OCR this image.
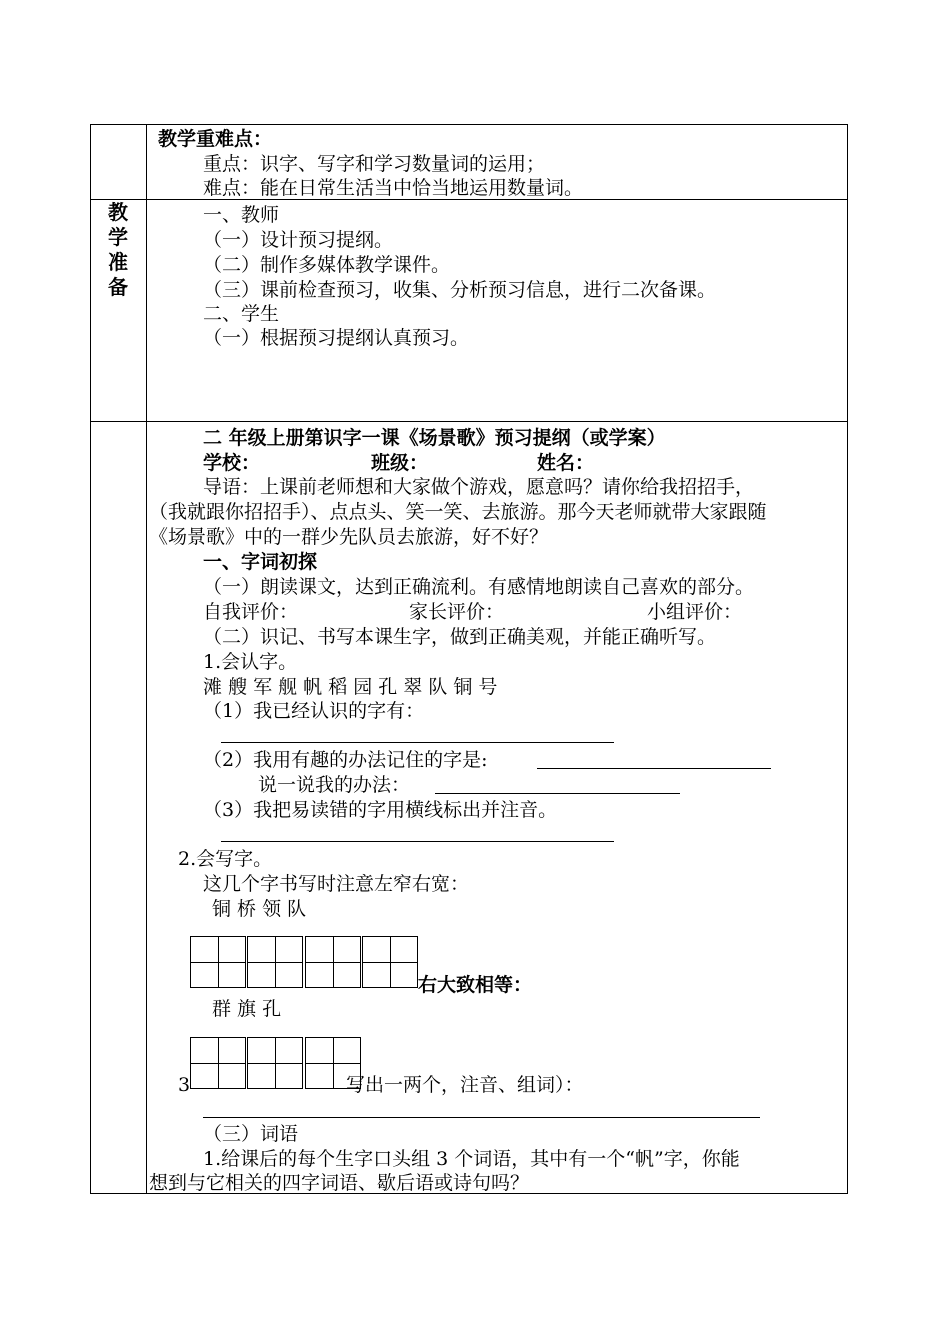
教学重难点：
重点：识字、写字和学习数量词的运用；
难点：能在日常生活当中恰当地运用数量词。
教
学
准
备
一、教师
（一）设计预习提纲。
（二）制作多媒体教学课件。
（三）课前检查预习，收集、分析预习信息，进行二次备课。
二、学生
（一）根据预习提纲认真预习。
二 年级上册第识字一课《场景歌》预习提纲（或学案）
学校：	班级：	姓名：
导语：上课前老师想和大家做个游戏，愿意吗？请你给我招招手，
（我就跟你招招手）、点点头、笑一笑、去旅游。那今天老师就带大家跟随
《场景歌》中的一群少先队员去旅游，好不好？
一、字词初探
（一）朗读课文，达到正确流利。有感情地朗读自己喜欢的部分。
自我评价：	家长评价：	小组评价：
（二）识记、书写本课生字，做到正确美观，并能正确听写。
1.会认字。
滩 艘 军 舰 帆 稻 园 孔 翠 队 铜 号
（1）我已经认识的字有：
（2）我用有趣的办法记住的字是:
说一说我的办法：
（3）我把易读错的字用横线标出并注音。
2.会写字。
这几个字书写时注意左窄右宽：
铜 桥 领 队
右大致相等：
群 旗 孔
3	写出一两个，注音、组词）：
（三）词语
1.给课后的每个生字口头组 3 个词语，其中有一个“帆”字，你能
想到与它相关的四字词语、歇后语或诗句吗？
